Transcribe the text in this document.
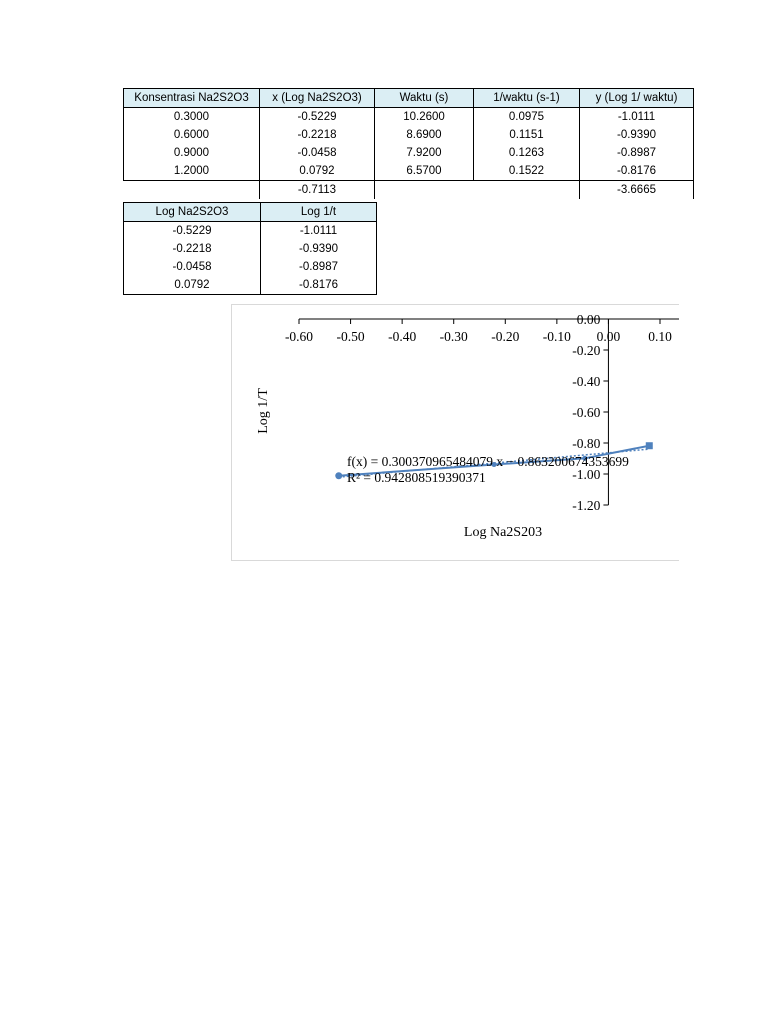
Konsentrasi Na2S2O3	x (Log Na2S2O3)	Waktu (s)	1/waktu (s-1)	y (Log 1/ waktu)
0.3000	-0.5229	10.2600	0.0975	-1.0111
0.6000	-0.2218	8.6900	0.1151	-0.9390
0.9000	-0.0458	7.9200	0.1263	-0.8987
1.2000	0.0792	6.5700	0.1522	-0.8176
	-0.7113			-3.6665
Log Na2S2O3	Log 1/t
-0.5229	-1.0111
-0.2218	-0.9390
-0.0458	-0.8987
0.0792	-0.8176
-0.60 -0.50 -0.40 -0.30 -0.20 -0.10 0.00 0.10
0.00
-0.20
-0.40
-0.60
-0.80
-1.00
-1.20
f(x) = 0.300370965484079 x − 0.863200674353699
R² = 0.942808519390371
Log Na2S203
Log 1/T
